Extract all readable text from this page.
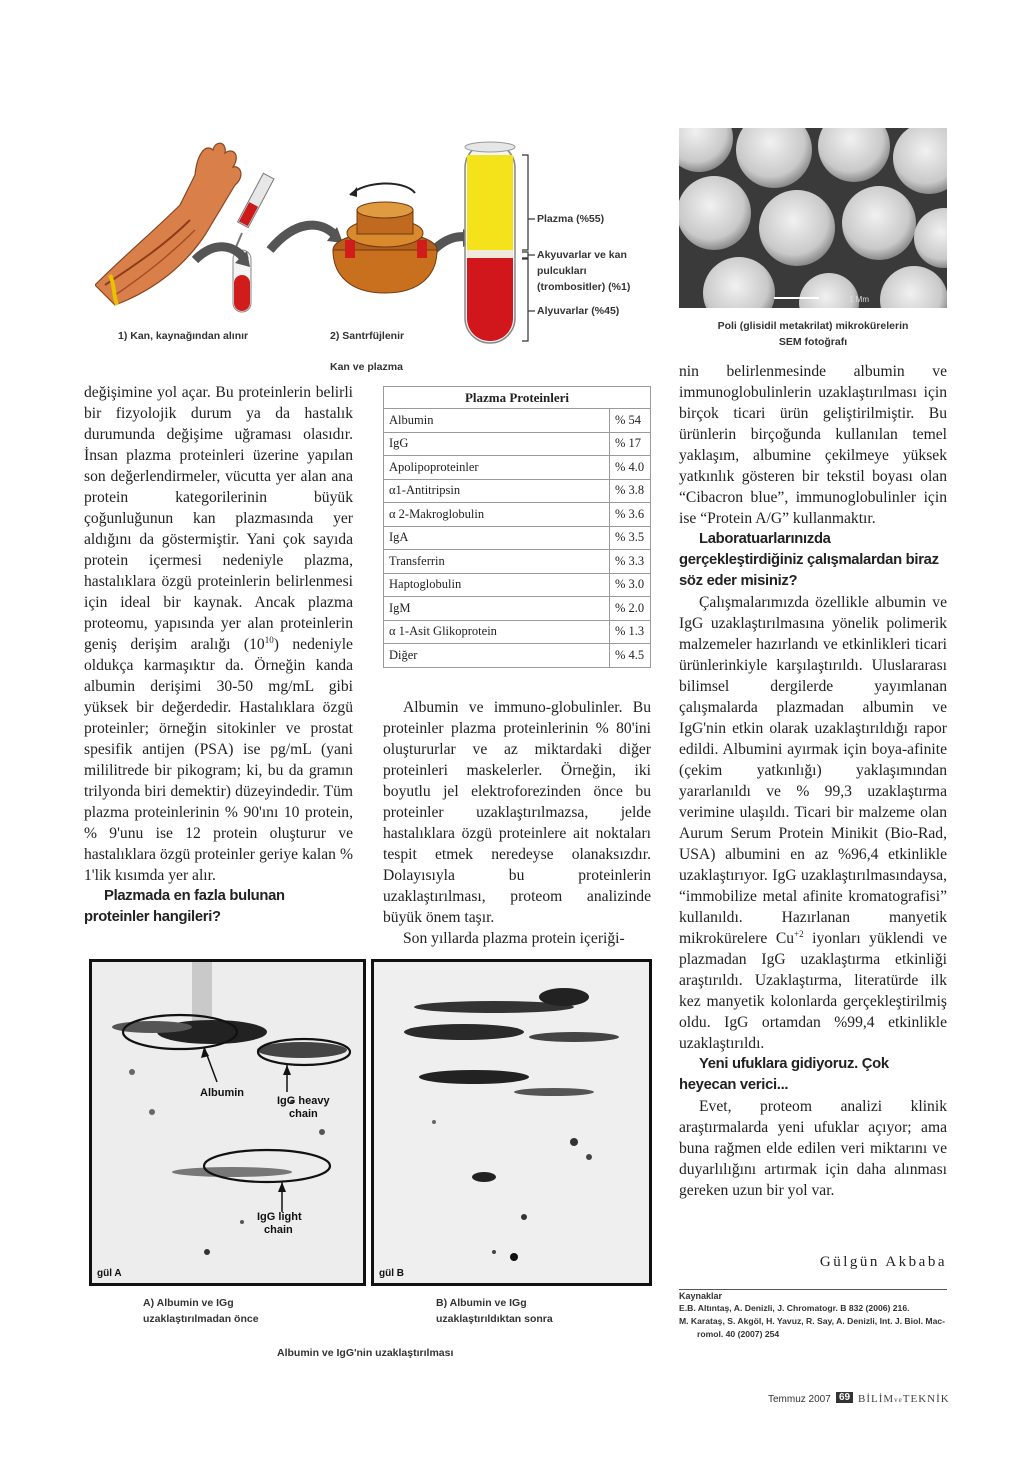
Plazma (%55)
Akyuvarlar ve kan
pulcukları
(trombositler) (%1)
Alyuvarlar (%45)
1) Kan, kaynağından alınır	2) Santrfüjlenir
Kan ve plazma
1 Mm
Poli (glisidil metakrilat) mikrokürelerin
SEM fotoğrafı

değişimine yol açar. Bu proteinlerin belirli bir fizyolojik durum ya da hastalık durumunda değişime uğraması olasıdır. İnsan plazma proteinleri üzerine yapılan son değerlendirmeler, vücutta yer alan ana protein kategorilerinin büyük çoğunluğunun kan plazmasında yer aldığını da göstermiştir. Yani çok sayıda protein içermesi nedeniyle plazma, hastalıklara özgü proteinlerin belirlenmesi için ideal bir kaynak. Ancak plazma proteomu, yapısında yer alan proteinlerin geniş derişim aralığı $(10^{10})$ nedeniyle oldukça karmaşıktır da. Örneğin kanda albumin derişimi 30-50 mg/mL gibi yüksek bir değerdedir. Hastalıklara özgü proteinler; örneğin sitokinler ve prostat spesifik antijen (PSA) ise pg/mL (yani mililitrede bir pikogram; ki, bu da gramın trilyonda biri demektir) düzeyindedir. Tüm plazma proteinlerinin % 90'ını 10 protein, % 9'unu ise 12 protein oluşturur ve hastalıklara özgü proteinler geriye kalan % 1'lik kısımda yer alır.

Plazmada en fazla bulunan proteinler hangileri?
Plazma Proteinleri	
Albumin	% 54
IgG	% 17
Apolipoproteinler	% 4.0
α1-Antitripsin	% 3.8
α 2-Makroglobulin	% 3.6
IgA	% 3.5
Transferrin	% 3.3
Haptoglobulin	% 3.0
IgM	% 2.0
α 1-Asit Glikoprotein	% 1.3
Diğer	% 4.5

Albumin ve immuno-globulinler. Bu proteinler plazma proteinlerinin % 80'ini oluştururlar ve az miktardaki diğer proteinleri maskelerler. Örneğin, iki boyutlu jel elektroforezinden önce bu proteinler uzaklaştırılmazsa, jelde hastalıklara özgü proteinlere ait noktaları tespit etmek neredeyse olanaksızdır. Dolayısıyla bu proteinlerin uzaklaştırılması, proteom analizinde büyük önem taşır.

Son yıllarda plazma protein içeriği-

nin belirlenmesinde albumin ve immunoglobulinlerin uzaklaştırılması için birçok ticari ürün geliştirilmiştir. Bu ürünlerin birçoğunda kullanılan temel yaklaşım, albumine çekilmeye yüksek yatkınlık gösteren bir tekstil boyası olan “Cibacron blue”, immunoglobulinler için ise “Protein A/G” kullanmaktır.

Laboratuarlarınızda gerçekleştirdiğiniz çalışmalardan biraz söz eder misiniz?

Çalışmalarımızda özellikle albumin ve IgG uzaklaştırılmasına yönelik polimerik malzemeler hazırlandı ve etkinlikleri ticari ürünlerinkiyle karşılaştırıldı. Uluslararası bilimsel dergilerde yayımlanan çalışmalarda plazmadan albumin ve IgG'nin etkin olarak uzaklaştırıldığı rapor edildi. Albumini ayırmak için boya-afinite (çekim yatkınlığı) yaklaşımından yararlanıldı ve % 99,3 uzaklaştırma verimine ulaşıldı. Ticari bir malzeme olan Aurum Serum Protein Minikit (Bio-Rad, USA) albumini en az %96,4 etkinlikle uzaklaştırıyor. IgG uzaklaştırılmasındaysa, “immobilize metal afinite kromatografisi” kullanıldı. Hazırlanan manyetik mikrokürelere $Cu^{+2}$ iyonları yüklendi ve plazmadan IgG uzaklaştırma etkinliği araştırıldı. Uzaklaştırma, literatürde ilk kez manyetik kolonlarda gerçekleştirilmiş oldu. IgG ortamdan %99,4 etkinlikle uzaklaştırıldı.

Yeni ufuklara gidiyoruz. Çok heyecan verici...

Evet, proteom analizi klinik araştırmalarda yeni ufuklar açıyor; ama buna rağmen elde edilen veri miktarını ve duyarlılığını artırmak için daha alınması gereken uzun bir yol var.

Gülgün Akbaba
Kaynaklar
E.B. Altıntaş, A. Denizli, J. Chromatogr. B 832 (2006) 216.
M. Karataş, S. Akgöl, H. Yavuz, R. Say, A. Denizli, Int. J. Biol. Mac-
romol. 40 (2007) 254
Albumin
IgG heavy
chain
IgG light
chain
gül A	gül B
A) Albumin ve IGg
uzaklaştırılmadan önce
B) Albumin ve IGg
uzaklaştırıldıktan sonra
Albumin ve IgG'nin uzaklaştırılması
Temmuz 2007 69 BİLİMveTEKNİK
